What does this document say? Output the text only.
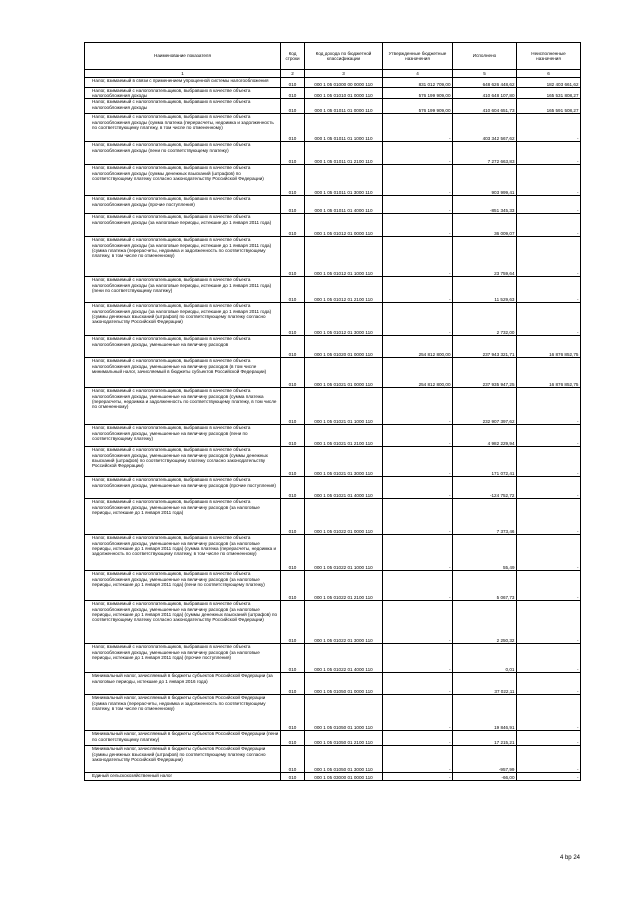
Наименование показателя	Код строки	Код дохода по бюджетной классификации	Утвержденные бюджетные назначения	Исполнено	Неисполненные назначения
1	2	3	4	5	6
Налог, взимаемый в связи с применением упрощенной системы налогообложения	010	000 1 05 01000 00 0000 110	831 012 709,00	648 626 448,62	182 403 661,62
Налог, взимаемый с налогоплательщиков, выбравших в качестве объекта налогообложения доходы	010	000 1 05 01010 01 0000 110	576 199 909,00	410 648 107,80	165 531 808,27
Налог, взимаемый с налогоплательщиков, выбравших в качестве объекта налогообложения доходы	010	000 1 05 01011 01 0000 110	576 199 909,00	410 604 651,73	165 591 508,27
Налог, взимаемый с налогоплательщиков, выбравших в качестве объекта налогообложения доходы (сумма платежа (перерасчеты, недоимка и задолженность по соответствующему платежу, в том числе по отмененному)	010	000 1 05 01011 01 1000 110	-	403 342 567,62	-
Налог, взимаемый с налогоплательщиков, выбравших в качестве объекта налогообложения доходы (пени по соответствующему платежу)	010	000 1 05 01011 01 2100 110	-	7 272 663,83	-
Налог, взимаемый с налогоплательщиков, выбравших в качестве объекта налогообложения доходы (суммы денежных взысканий (штрафов) по соответствующему платежу согласно законодательству Российской Федерации)	010	000 1 05 01011 01 3000 110	-	903 999,41	-
Налог, взимаемый с налогоплательщиков, выбравших в качестве объекта налогообложения доходы (прочие поступления)	010	000 1 05 01011 01 4000 110	-	-851 345,33	-
Налог, взимаемый с налогоплательщиков, выбравших в качестве объекта налогообложения доходы (за налоговые периоды, истекшие до 1 января 2011 года)	010	000 1 05 01012 01 0000 110	-	36 009,07	-
Налог, взимаемый с налогоплательщиков, выбравших в качестве объекта налогообложения доходы (за налоговые периоды, истекшие до 1 января 2011 года) (сумма платежа (перерасчеты, недоимка и задолженность по соответствующему платежу, в том числе по отмененному)	010	000 1 05 01012 01 1000 110	-	23 759,64	-
Налог, взимаемый с налогоплательщиков, выбравших в качестве объекта налогообложения доходы (за налоговые периоды, истекшие до 1 января 2011 года) (пени по соответствующему платежу)	010	000 1 05 01012 01 2100 110	-	11 529,63	-
Налог, взимаемый с налогоплательщиков, выбравших в качестве объекта налогообложения доходы (за налоговые периоды, истекшие до 1 января 2011 года) (суммы денежных взысканий (штрафов) по соответствующему платежу согласно законодательству Российской Федерации)	010	000 1 05 01012 01 3000 110	-	2 732,00	-
Налог, взимаемый с налогоплательщиков, выбравших в качестве объекта налогообложения доходы, уменьшенные на величину расходов	010	000 1 05 01020 01 0000 110	254 812 800,00	237 943 321,71	16 876 852,75
Налог, взимаемый с налогоплательщиков, выбравших в качестве объекта налогообложения доходы, уменьшенные на величину расходов (в том числе минимальный налог, зачисляемый в бюджеты субъектов Российской Федерации)	010	000 1 05 01021 01 0000 110	254 812 800,00	237 935 947,25	16 876 852,75
Налог, взимаемый с налогоплательщиков, выбравших в качестве объекта налогообложения доходы, уменьшенные на величину расходов (сумма платежа (перерасчеты, недоимка и задолженность по соответствующему платежу, в том числе по отмененному)	010	000 1 05 01021 01 1000 110	-	232 907 397,62	-
Налог, взимаемый с налогоплательщиков, выбравших в качестве объекта налогообложения доходы, уменьшенные на величину расходов (пени по соответствующему платежу)	010	000 1 05 01021 01 2100 110	-	4 982 229,94	-
Налог, взимаемый с налогоплательщиков, выбравших в качестве объекта налогообложения доходы, уменьшенные на величину расходов (суммы денежных взысканий (штрафов) по соответствующему платежу согласно законодательству Российской Федерации)	010	000 1 05 01021 01 3000 110	-	171 072,41	-
Налог, взимаемый с налогоплательщиков, выбравших в качестве объекта налогообложения доходы, уменьшенные на величину расходов (прочие поступления)	010	000 1 05 01021 01 4000 110	-	-124 752,72	-
Налог, взимаемый с налогоплательщиков, выбравших в качестве объекта налогообложения доходы, уменьшенные на величину расходов (за налоговые периоды, истекшие до 1 января 2011 года)	010	000 1 05 01022 01 0000 110	-	7 373,46	-
Налог, взимаемый с налогоплательщиков, выбравших в качестве объекта налогообложения доходы, уменьшенные на величину расходов (за налоговые периоды, истекшие до 1 января 2011 года) (сумма платежа (перерасчеты, недоимка и задолженность по соответствующему платежу, в том числе по отмененному)	010	000 1 05 01022 01 1000 110	-	55,49	-
Налог, взимаемый с налогоплательщиков, выбравших в качестве объекта налогообложения доходы, уменьшенные на величину расходов (за налоговые периоды, истекшие до 1 января 2011 года) (пени по соответствующему платежу)	010	000 1 05 01022 01 2100 110	-	5 067,73	-
Налог, взимаемый с налогоплательщиков, выбравших в качестве объекта налогообложения доходы, уменьшенные на величину расходов (за налоговые периоды, истекшие до 1 января 2011 года) (суммы денежных взысканий (штрафов) по соответствующему платежу согласно законодательству Российской Федерации)	010	000 1 05 01022 01 3000 110	-	2 250,32	-
Налог, взимаемый с налогоплательщиков, выбравших в качестве объекта налогообложения доходы, уменьшенные на величину расходов (за налоговые периоды, истекшие до 1 января 2011 года) (прочие поступления)	010	000 1 05 01022 01 4000 110	-	0,01	-
Минимальный налог, зачисляемый в бюджеты субъектов Российской Федерации (за налоговые периоды, истекшие до 1 января 2016 года)	010	000 1 05 01050 01 0000 110	-	37 022,11	-
Минимальный налог, зачисляемый в бюджеты субъектов Российской Федерации (сумма платежа (перерасчеты, недоимка и задолженность по соответствующему платежу, в том числе по отмененному)	010	000 1 05 01050 01 1000 110	-	19 846,91	-
Минимальный налог, зачисляемый в бюджеты субъектов Российской Федерации (пени по соответствующему платежу)	010	000 1 05 01050 01 2100 110	-	17 215,21	-
Минимальный налог, зачисляемый в бюджеты субъектов Российской Федерации (суммы денежных взысканий (штрафов) по соответствующему платежу согласно законодательству Российской Федерации)	010	000 1 05 01050 01 3000 110	-	-957,99	-
Единый сельскохозяйственный налог	010	000 1 05 03000 01 0000 110	-	-66,00	-
4 bp 24
